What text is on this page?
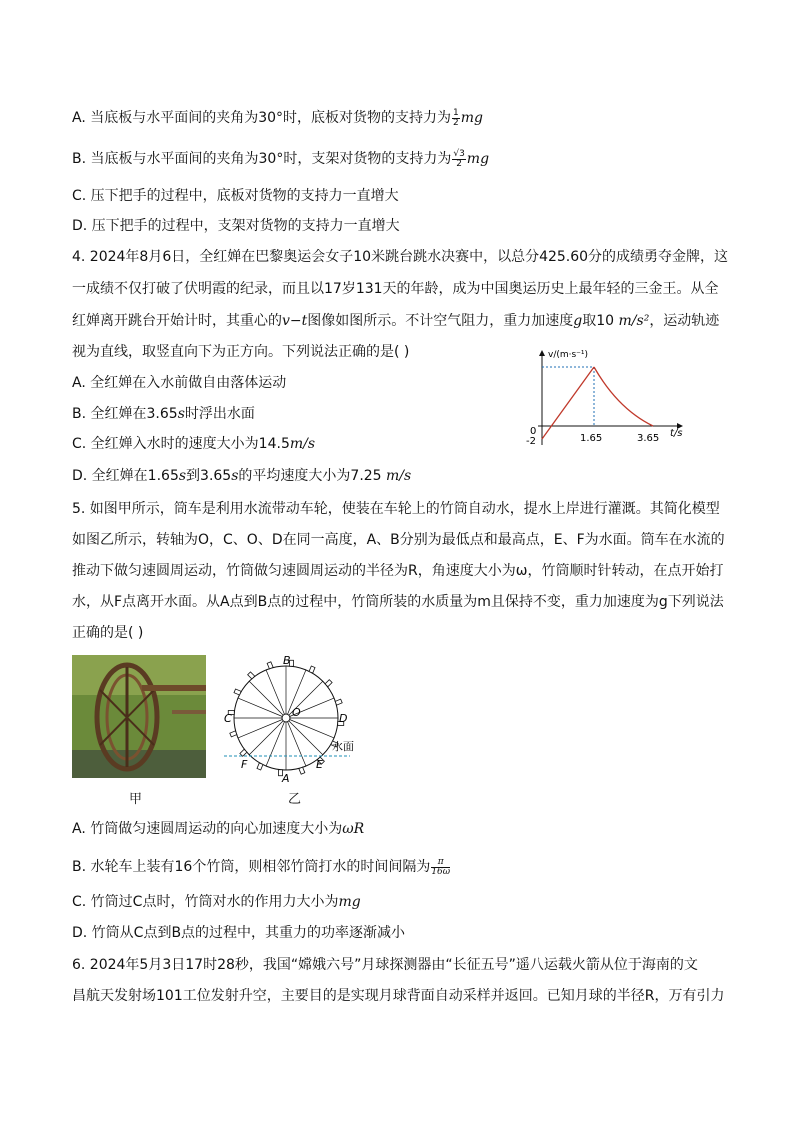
A. 当底板与水平面间的夹角为30°时，底板对货物的支持力为 $\frac{1}{2}$ mg
B. 当底板与水平面间的夹角为30°时，支架对货物的支持力为 $\frac{√3}{2}$ mg
C. 压下把手的过程中，底板对货物的支持力一直增大
D. 压下把手的过程中，支架对货物的支持力一直增大
4. 2024年8月6日，全红婵在巴黎奥运会女子10米跳台跳水决赛中，以总分425.60分的成绩勇夺金牌，这
一成绩不仅打破了伏明霞的纪录，而且以17岁131天的年龄，成为中国奥运历史上最年轻的三金王。从全
红婵离开跳台开始计时，其重心的v−t图像如图所示。不计空气阻力，重力加速度g取10 m/s²，运动轨迹
视为直线，取竖直向下为正方向。下列说法正确的是( )
A. 全红婵在入水前做自由落体运动
B. 全红婵在3.65s时浮出水面
C. 全红婵入水时的速度大小为14.5m/s
D. 全红婵在1.65s到3.65s的平均速度大小为7.25 m/s
v/(m·s⁻¹)
t/s
0
-2	1.65	3.65
5. 如图甲所示，筒车是利用水流带动车轮，使装在车轮上的竹筒自动水，提水上岸进行灌溉。其简化模型
如图乙所示，转轴为O，C、O、D在同一高度，A、B分别为最低点和最高点，E、F为水面。筒车在水流的
推动下做匀速圆周运动，竹筒做匀速圆周运动的半径为R，角速度大小为ω，竹筒顺时针转动，在点开始打
水，从F点离开水面。从A点到B点的过程中，竹筒所装的水质量为m且保持不变，重力加速度为g下列说法
正确的是( )
B
C	O	D
A
E
F
水面
甲	乙
A. 竹筒做匀速圆周运动的向心加速度大小为ωR
B. 水轮车上装有16个竹筒，则相邻竹筒打水的时间间隔为 $\frac{\pi}{16\omega}$
C. 竹筒过C点时，竹筒对水的作用力大小为mg
D. 竹筒从C点到B点的过程中，其重力的功率逐渐减小
6. 2024年5月3日17时28秒，我国“嫦娥六号”月球探测器由“长征五号”遥八运载火箭从位于海南的文
昌航天发射场101工位发射升空，主要目的是实现月球背面自动采样并返回。已知月球的半径R，万有引力
